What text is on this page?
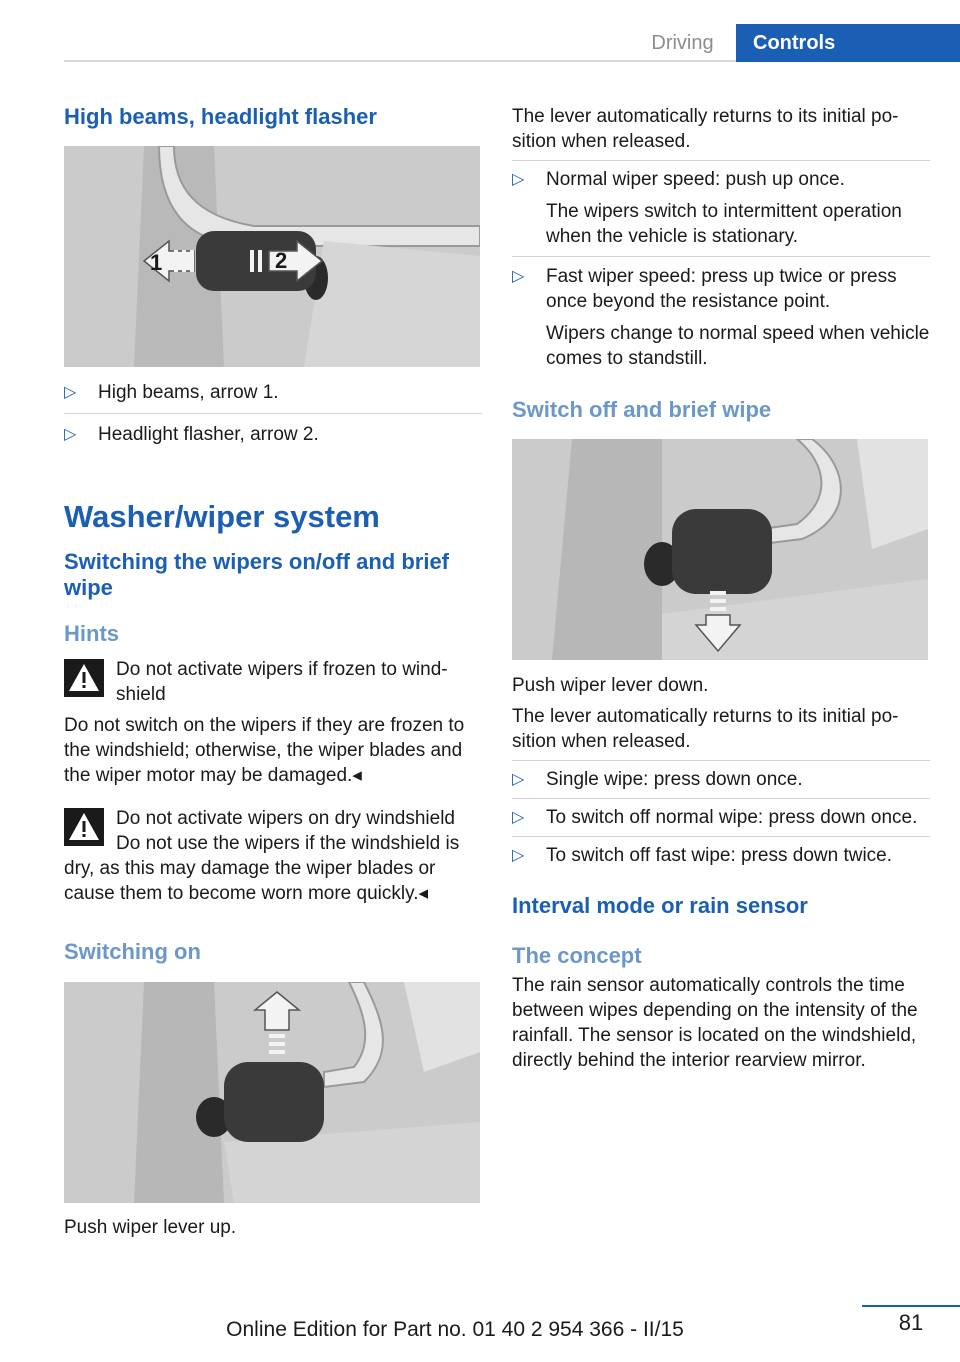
Driving	Controls
High beams, headlight flasher
1	2
▷ High beams, arrow 1.
▷ Headlight flasher, arrow 2.
Washer/wiper system
Switching the wipers on/off and brief wipe
Hints
Do not activate wipers if frozen to windshield

Do not switch on the wipers if they are frozen to the windshield; otherwise, the wiper blades and the wiper motor may be damaged.◂

Do not activate wipers on dry windshield

Do not use the wipers if the windshield is dry, as this may damage the wiper blades or cause them to become worn more quickly.◂

Switching on

Push wiper lever up.

The lever automatically returns to its initial position when released.

▷ Normal wiper speed: push up once.
The wipers switch to intermittent operation when the vehicle is stationary.
▷ Fast wiper speed: press up twice or press once beyond the resistance point.
Wipers change to normal speed when vehicle comes to standstill.
Switch off and brief wipe

Push wiper lever down.

The lever automatically returns to its initial position when released.

▷ Single wipe: press down once.
▷ To switch off normal wipe: press down once.
▷ To switch off fast wipe: press down twice.
Interval mode or rain sensor
The concept

The rain sensor automatically controls the time between wipes depending on the intensity of the rainfall. The sensor is located on the windshield, directly behind the interior rearview mirror.

81
Online Edition for Part no. 01 40 2 954 366 - II/15
